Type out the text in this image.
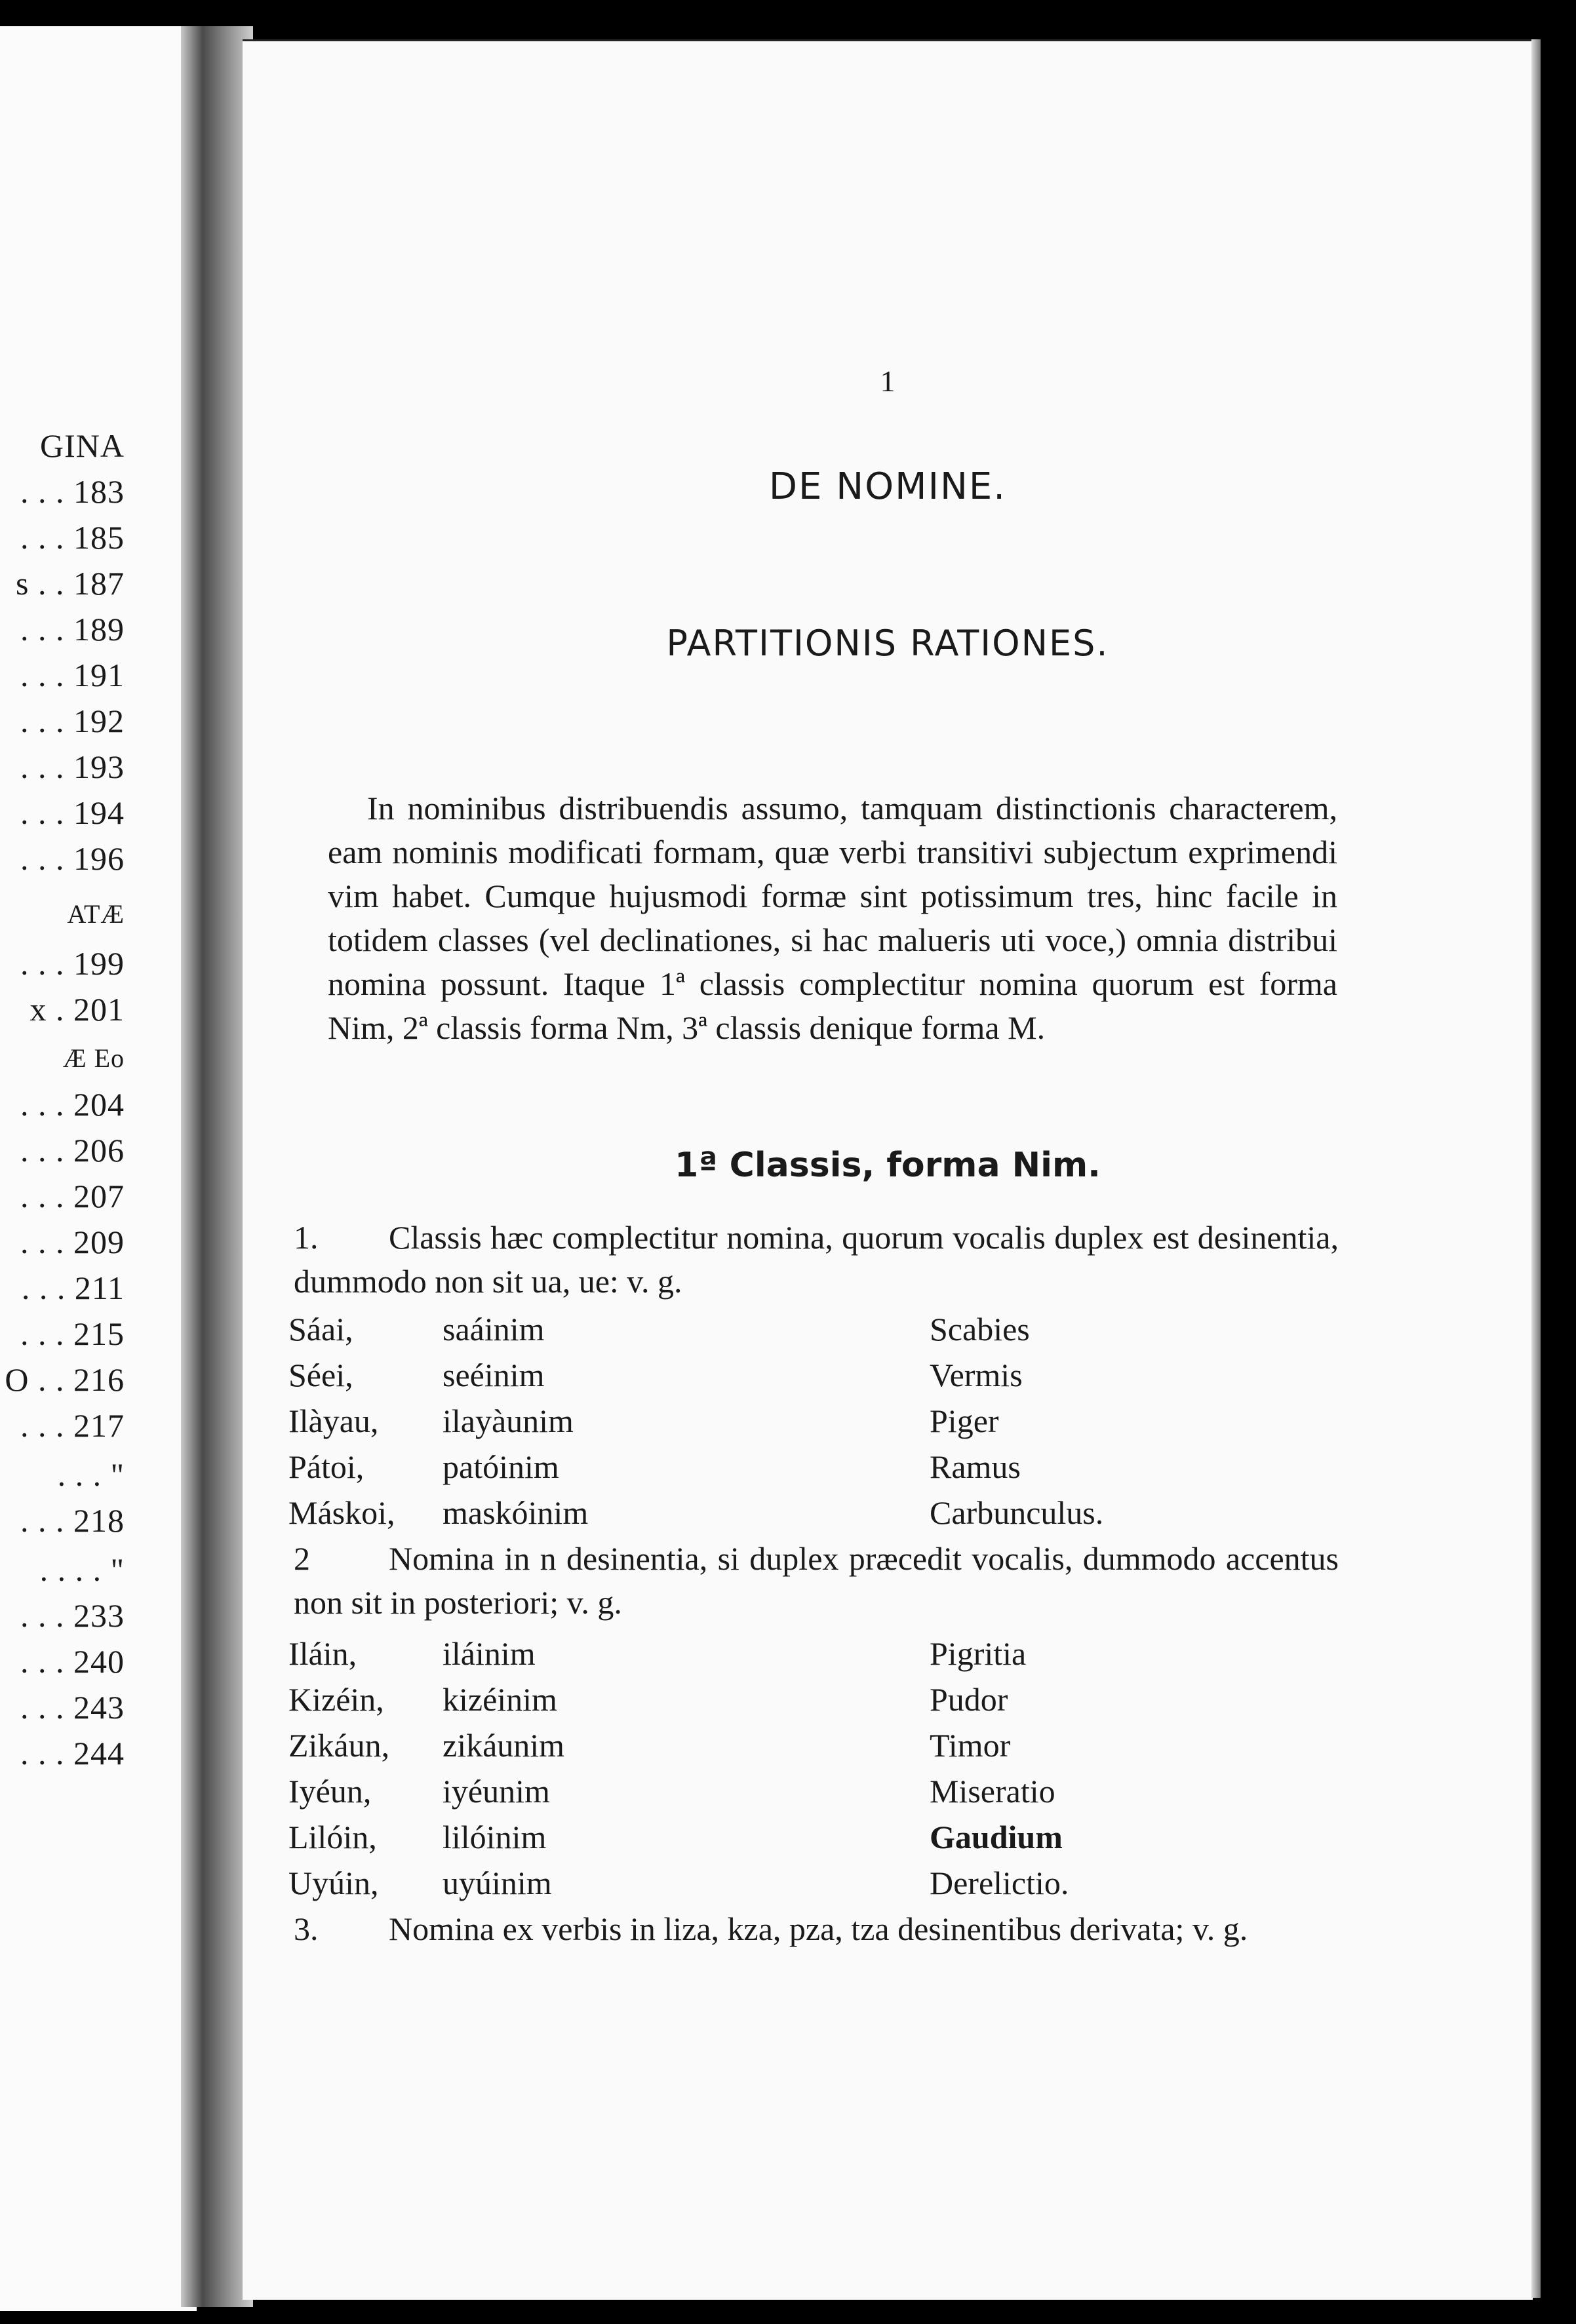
GINA
. . . 183
. . . 185
s . . 187
. . . 189
. . . 191
. . . 192
. . . 193
. . . 194
. . . 196
ATÆ
. . . 199
x . 201
Æ Eo
. . . 204
. . . 206
. . . 207
. . . 209
. . . 211
. . . 215
O . . 216
. . . 217
. . . "
. . . 218
. . . . "
. . . 233
. . . 240
. . . 243
. . . 244
1
DE NOMINE.
PARTITIONIS RATIONES.
In nominibus distribuendis assumo, tamquam distinctionis characterem, eam nominis modificati formam, quæ verbi transitivi subjectum exprimendi vim habet. Cumque hujusmodi formæ sint potissimum tres, hinc facile in totidem classes (vel declinationes, si hac malueris uti voce,) omnia distribui nomina possunt. Itaque 1ª classis complectitur nomina quorum est forma Nim, 2ª classis forma Nm, 3ª classis denique forma M.
1ª Classis, forma Nim.
1. Classis hæc complectitur nomina, quorum vocalis duplex est desinentia, dummodo non sit ua, ue: v. g.
Sáai,	saáinim	Scabies
Séei,	seéinim	Vermis
Ilàyau, ilayàunim	Piger
Pátoi, patóinim	Ramus
Máskoi, maskóinim	Carbunculus.
2 Nomina in n desinentia, si duplex præcedit vocalis, dummodo accentus non sit in posteriori; v. g.
Iláin,	iláinim	Pigritia
Kizéin, kizéinim	Pudor
Zikáun, zikáunim	Timor
Iyéun, iyéunim	Miseratio
Lilóin, lilóinim	Gaudium
Uyúin, uyúinim	Derelictio.
3. Nomina ex verbis in liza, kza, pza, tza desinentibus derivata; v. g.
